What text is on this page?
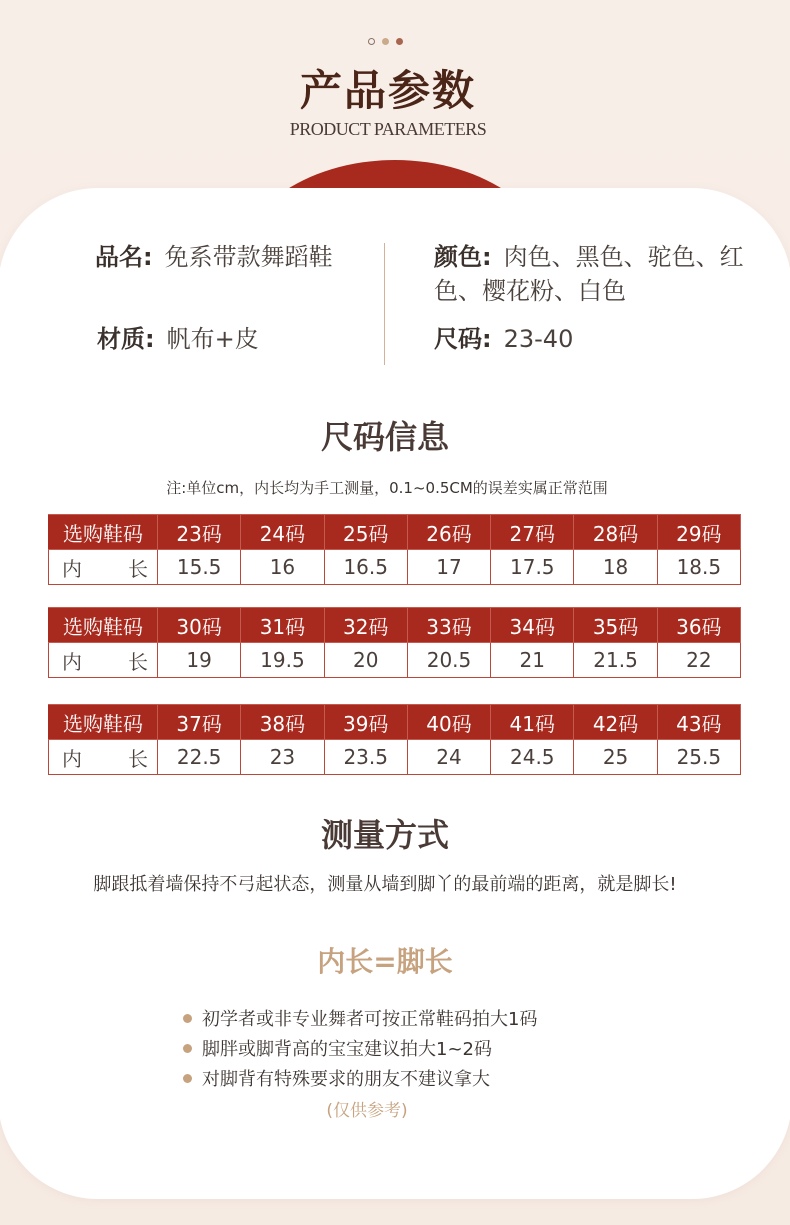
产品参数
PRODUCT PARAMETERS
品名: 免系带款舞蹈鞋
材质: 帆布+皮
颜色: 肉色、黑色、驼色、红色、樱花粉、白色
尺码: 23-40
尺码信息
注:单位cm，内长均为手工测量，0.1~0.5CM的误差实属正常范围
选购鞋码	23码	24码	25码	26码	27码	28码	29码
内 长	15.5	16	16.5	17	17.5	18	18.5
选购鞋码	30码	31码	32码	33码	34码	35码	36码
内 长	19	19.5	20	20.5	21	21.5	22
选购鞋码	37码	38码	39码	40码	41码	42码	43码
内 长	22.5	23	23.5	24	24.5	25	25.5
测量方式
脚跟抵着墙保持不弓起状态，测量从墙到脚丫的最前端的距离，就是脚长!
内长=脚长
初学者或非专业舞者可按正常鞋码拍大1码
脚胖或脚背高的宝宝建议拍大1~2码
对脚背有特殊要求的朋友不建议拿大
(仅供参考)
